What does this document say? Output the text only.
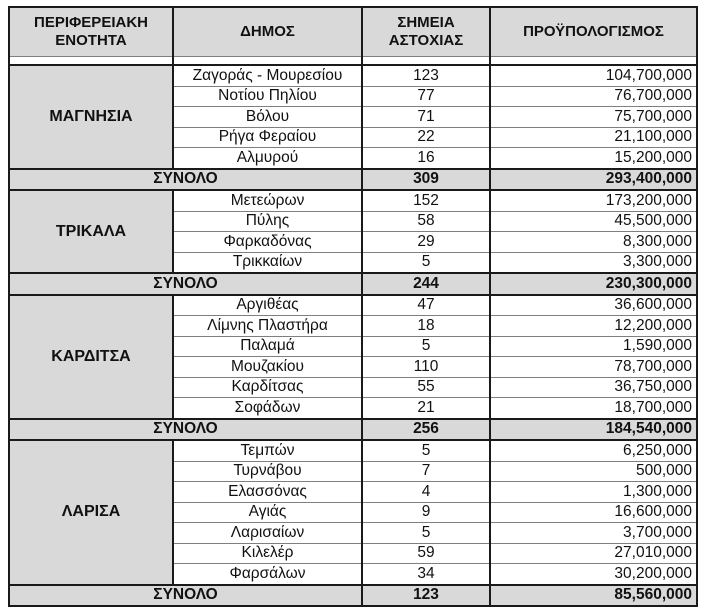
ΠΕΡΙΦΕΡΕΙΑΚΗ ΕΝΟΤΗΤΑ	ΔΗΜΟΣ	ΣΗΜΕΙΑ ΑΣΤΟΧΙΑΣ	ΠΡΟΫΠΟΛΟΓΙΣΜΟΣ

ΜΑΓΝΗΣΙΑ	Ζαγοράς - Μουρεσίου	123	104,700,000
	Νοτίου Πηλίου	77	76,700,000
	Βόλου	71	75,700,000
	Ρήγα Φεραίου	22	21,100,000
	Αλμυρού	16	15,200,000
ΣΥΝΟΛΟ		309	293,400,000
ΤΡΙΚΑΛΑ	Μετεώρων	152	173,200,000
	Πύλης	58	45,500,000
	Φαρκαδόνας	29	8,300,000
	Τρικκαίων	5	3,300,000
ΣΥΝΟΛΟ		244	230,300,000
ΚΑΡΔΙΤΣΑ	Αργιθέας	47	36,600,000
	Λίμνης Πλαστήρα	18	12,200,000
	Παλαμά	5	1,590,000
	Μουζακίου	110	78,700,000
	Καρδίτσας	55	36,750,000
	Σοφάδων	21	18,700,000
ΣΥΝΟΛΟ		256	184,540,000
ΛΑΡΙΣΑ	Τεμπών	5	6,250,000
	Τυρνάβου	7	500,000
	Ελασσόνας	4	1,300,000
	Αγιάς	9	16,600,000
	Λαρισαίων	5	3,700,000
	Κιλελέρ	59	27,010,000
	Φαρσάλων	34	30,200,000
ΣΥΝΟΛΟ		123	85,560,000
